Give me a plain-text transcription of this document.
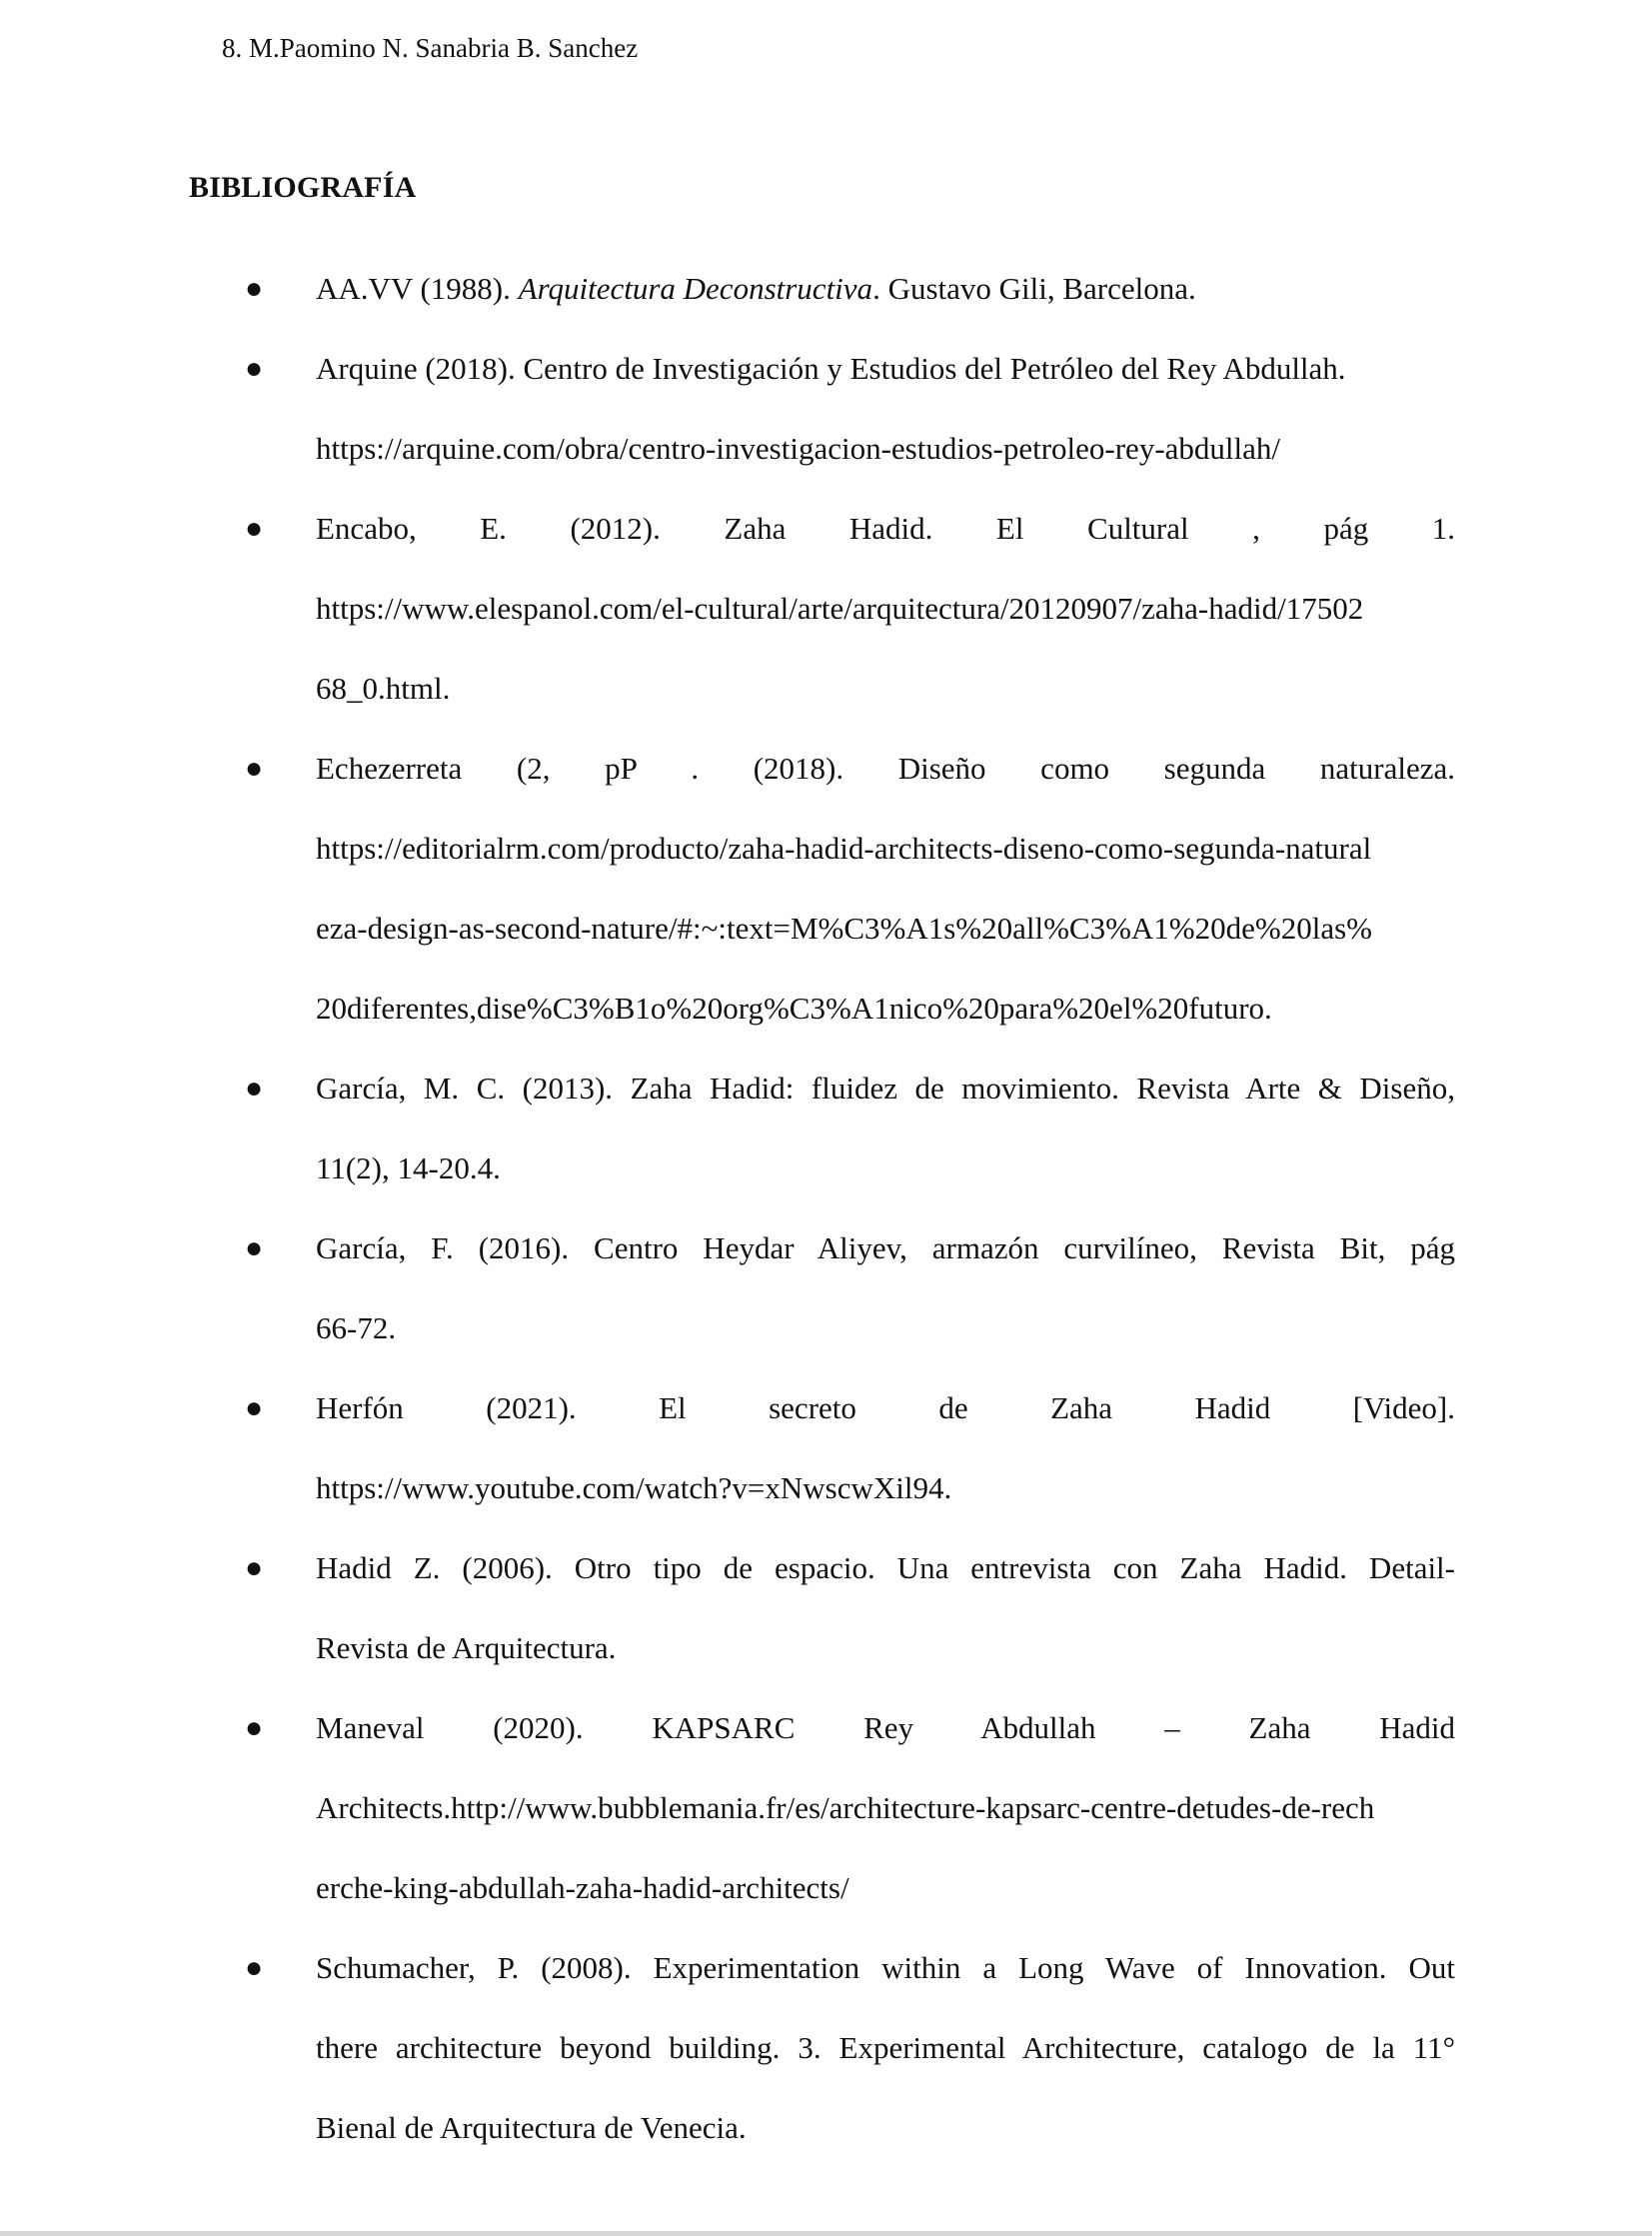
8. M.Paomino N. Sanabria B. Sanchez
BIBLIOGRAFÍA
● AA.VV (1988). Arquitectura Deconstructiva. Gustavo Gili, Barcelona.
● Arquine (2018). Centro de Investigación y Estudios del Petróleo del Rey Abdullah.
https://arquine.com/obra/centro-investigacion-estudios-petroleo-rey-abdullah/
● Encabo, E. (2012). Zaha Hadid. El Cultural , pág 1.
https://www.elespanol.com/el-cultural/arte/arquitectura/20120907/zaha-hadid/17502
68_0.html.
● Echezerreta (2, pP . (2018). Diseño como segunda naturaleza.
https://editorialrm.com/producto/zaha-hadid-architects-diseno-como-segunda-natural
eza-design-as-second-nature/#:~:text=M%C3%A1s%20all%C3%A1%20de%20las%
20diferentes,dise%C3%B1o%20org%C3%A1nico%20para%20el%20futuro.
● García, M. C. (2013). Zaha Hadid: fluidez de movimiento. Revista Arte & Diseño,
11(2), 14-20.4.
● García, F. (2016). Centro Heydar Aliyev, armazón curvilíneo, Revista Bit, pág
66-72.
● Herfón (2021). El secreto de Zaha Hadid [Video].
https://www.youtube.com/watch?v=xNwscwXil94.
● Hadid Z. (2006). Otro tipo de espacio. Una entrevista con Zaha Hadid. Detail-
Revista de Arquitectura.
● Maneval (2020). KAPSARC Rey Abdullah – Zaha Hadid
Architects.http://www.bubblemania.fr/es/architecture-kapsarc-centre-detudes-de-rech
erche-king-abdullah-zaha-hadid-architects/
● Schumacher, P. (2008). Experimentation within a Long Wave of Innovation. Out
there architecture beyond building. 3. Experimental Architecture, catalogo de la 11°
Bienal de Arquitectura de Venecia.
